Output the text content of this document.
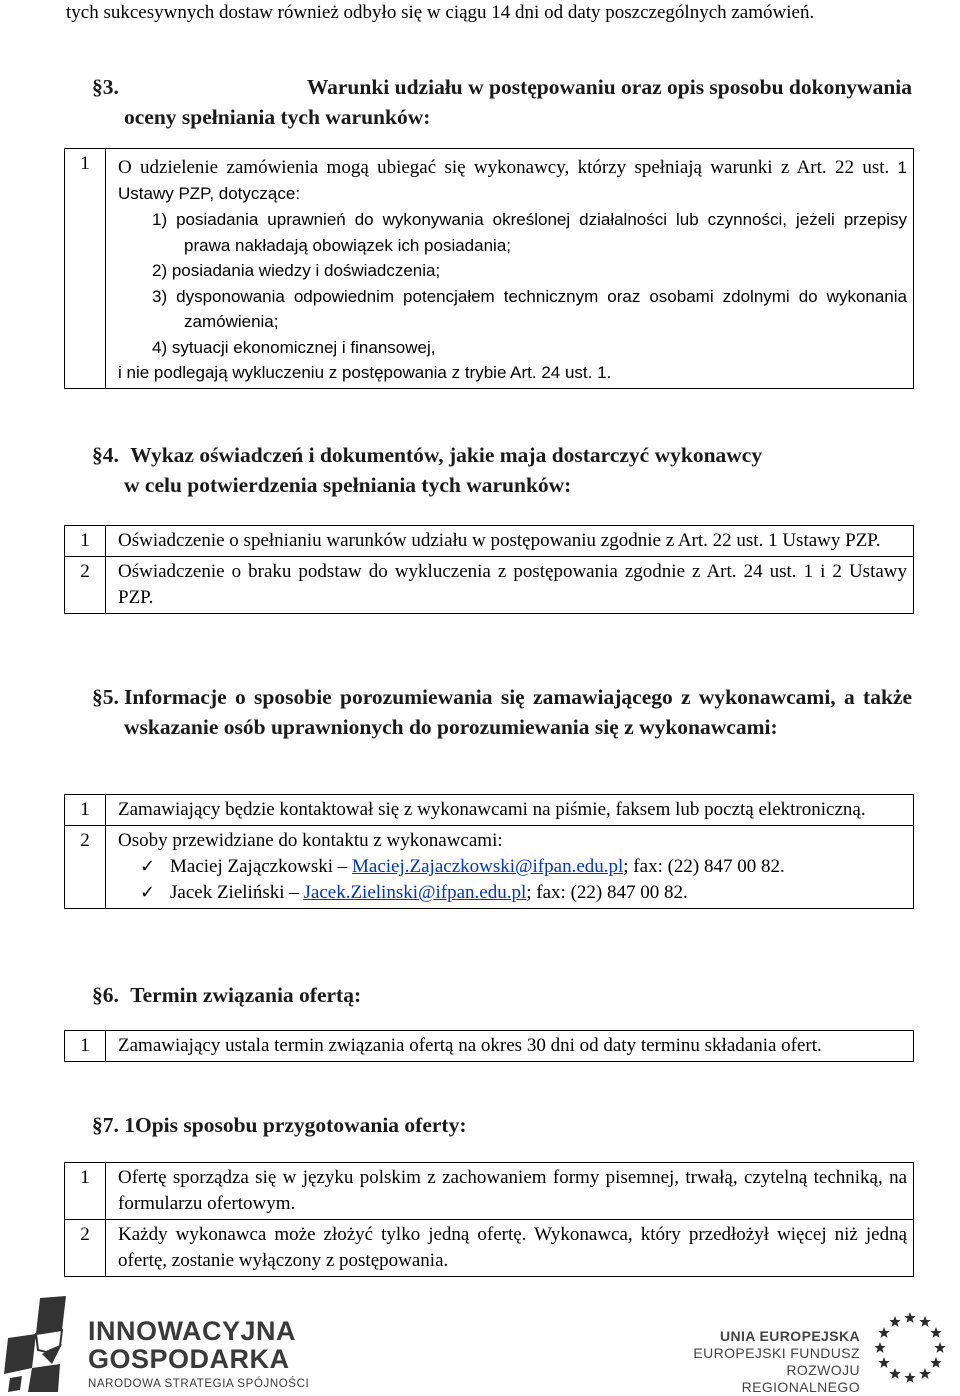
tych sukcesywnych dostaw również odbyło się w ciągu 14 dni od daty poszczególnych zamówień.
§3.	Warunki udziału w postępowaniu oraz opis sposobu dokonywania
oceny spełniania tych warunków:
1	O udzielenie zamówienia mogą ubiegać się wykonawcy, którzy spełniają warunki z Art. 22 ust. 1 Ustawy PZP, dotyczące:
1) posiadania uprawnień do wykonywania określonej działalności lub czynności, jeżeli przepisy prawa nakładają obowiązek ich posiadania;
2) posiadania wiedzy i doświadczenia;
3) dysponowania odpowiednim potencjałem technicznym oraz osobami zdolnymi do wykonania zamówienia;
4) sytuacji ekonomicznej i finansowej,
i nie podlegają wykluczeniu z postępowania z trybie Art. 24 ust. 1.
§4. Wykaz oświadczeń i dokumentów, jakie maja dostarczyć wykonawcy
w celu potwierdzenia spełniania tych warunków:
1	Oświadczenie o spełnianiu warunków udziału w postępowaniu zgodnie z Art. 22 ust. 1 Ustawy PZP.
2	Oświadczenie o braku podstaw do wykluczenia z postępowania zgodnie z Art. 24 ust. 1 i 2 Ustawy PZP.
§5. Informacje o sposobie porozumiewania się zamawiającego z wykonawcami, a także wskazanie osób uprawnionych do porozumiewania się z wykonawcami:
1	Zamawiający będzie kontaktował się z wykonawcami na piśmie, faksem lub pocztą elektroniczną.
2	Osoby przewidziane do kontaktu z wykonawcami:
✓ Maciej Zajączkowski – Maciej.Zajaczkowski@ifpan.edu.pl; fax: (22) 847 00 82.
✓ Jacek Zieliński – Jacek.Zielinski@ifpan.edu.pl; fax: (22) 847 00 82.
§6. Termin związania ofertą:
1	Zamawiający ustala termin związania ofertą na okres 30 dni od daty terminu składania ofert.
§7. 1Opis sposobu przygotowania oferty:
1	Ofertę sporządza się w języku polskim z zachowaniem formy pisemnej, trwałą, czytelną techniką, na formularzu ofertowym.
2	Każdy wykonawca może złożyć tylko jedną ofertę. Wykonawca, który przedłożył więcej niż jedną ofertę, zostanie wyłączony z postępowania.
INNOWACYJNA
GOSPODARKA
NARODOWA STRATEGIA SPÓJNOŚCI
UNIA EUROPEJSKA
EUROPEJSKI FUNDUSZ
ROZWOJU REGIONALNEGO
